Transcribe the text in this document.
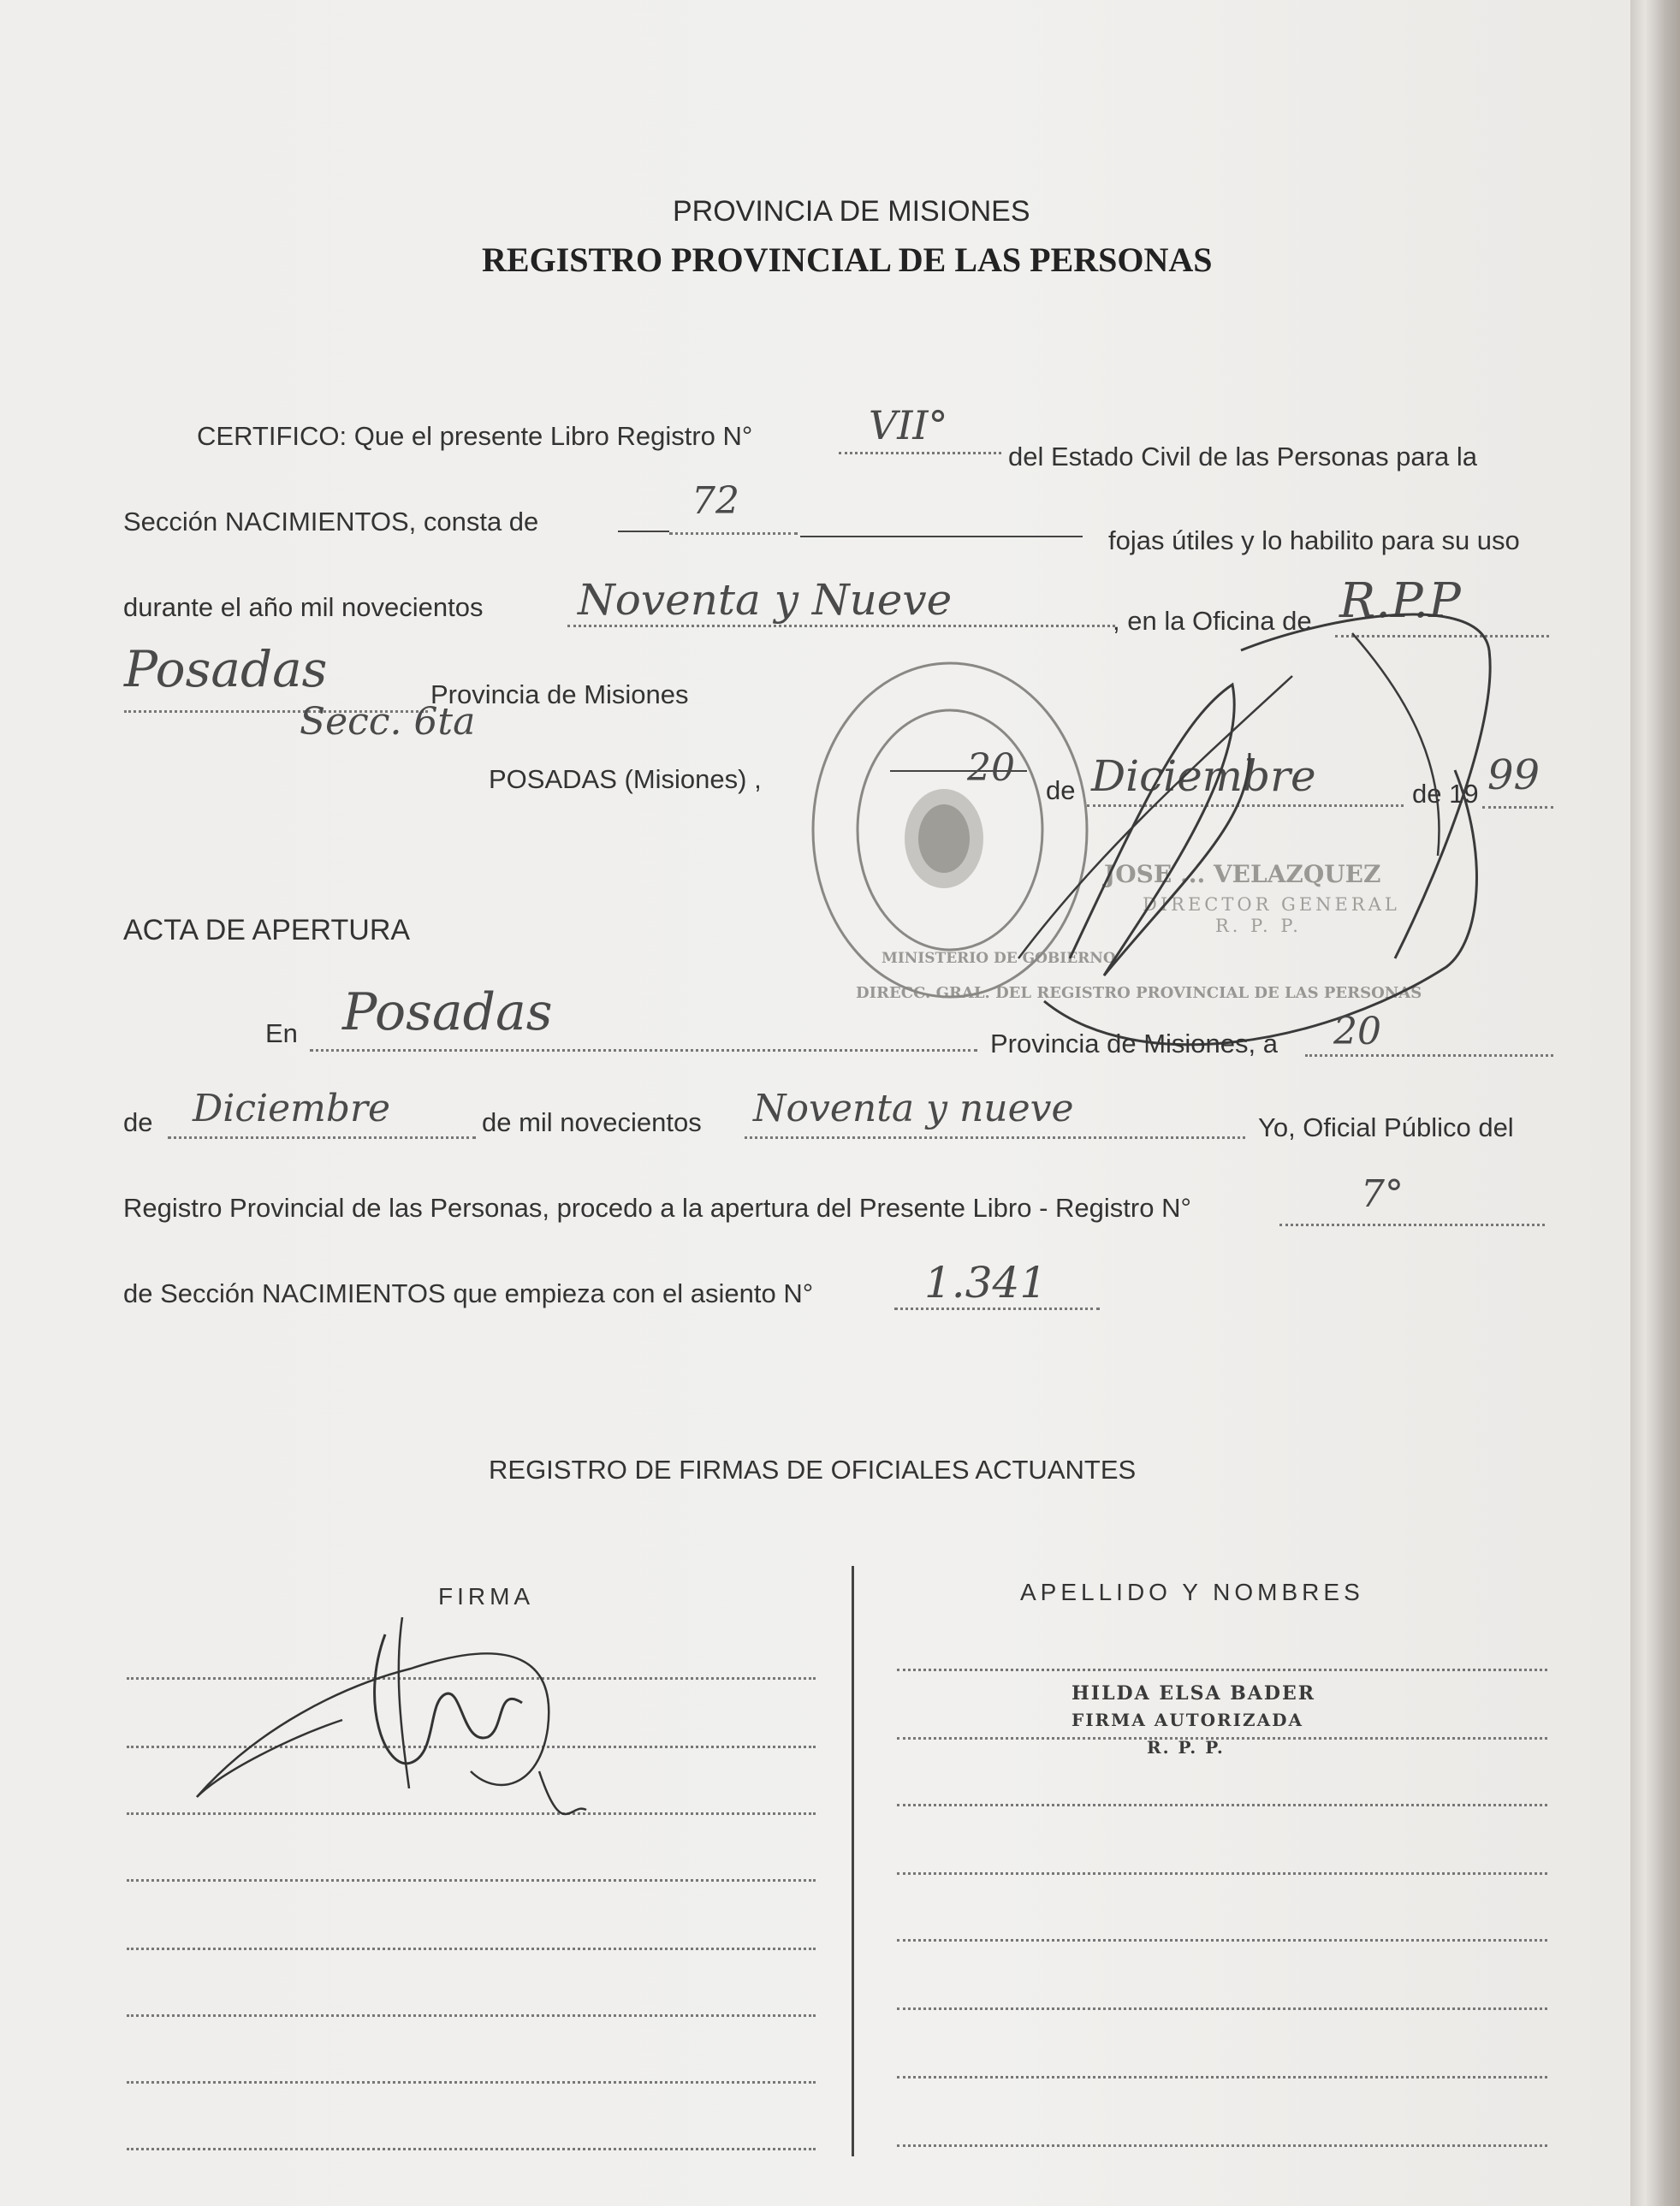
PROVINCIA DE MISIONES
REGISTRO PROVINCIAL DE LAS PERSONAS
CERTIFICO: Que el presente Libro Registro N°	VII°
del Estado Civil de las Personas para la
Sección NACIMIENTOS, consta de	72
fojas útiles y lo habilito para su uso
durante el año mil novecientos Noventa y Nueve	, en la Oficina de R.P.P
Posadas	Provincia de Misiones
Secc. 6ta
POSADAS (Misiones) ,	20
de Diciembre	de 19 99
DIRECC. GRAL. DEL REGISTRO PROVINCIAL DE LAS PERSONAS
MINISTERIO DE GOBIERNO
JOSE ... VELAZQUEZ
DIRECTOR GENERAL
R. P. P.
ACTA DE APERTURA
En Posadas
Provincia de Misiones, a 20
de Diciembre	de mil novecientos Noventa y nueve	Yo, Oficial Público del
Registro Provincial de las Personas, procedo a la apertura del Presente Libro - Registro N°	7°
de Sección NACIMIENTOS que empieza con el asiento N°	1.341
REGISTRO DE FIRMAS DE OFICIALES ACTUANTES
FIRMA	APELLIDO Y NOMBRES
HILDA ELSA BADER
FIRMA AUTORIZADA
R. P. P.
